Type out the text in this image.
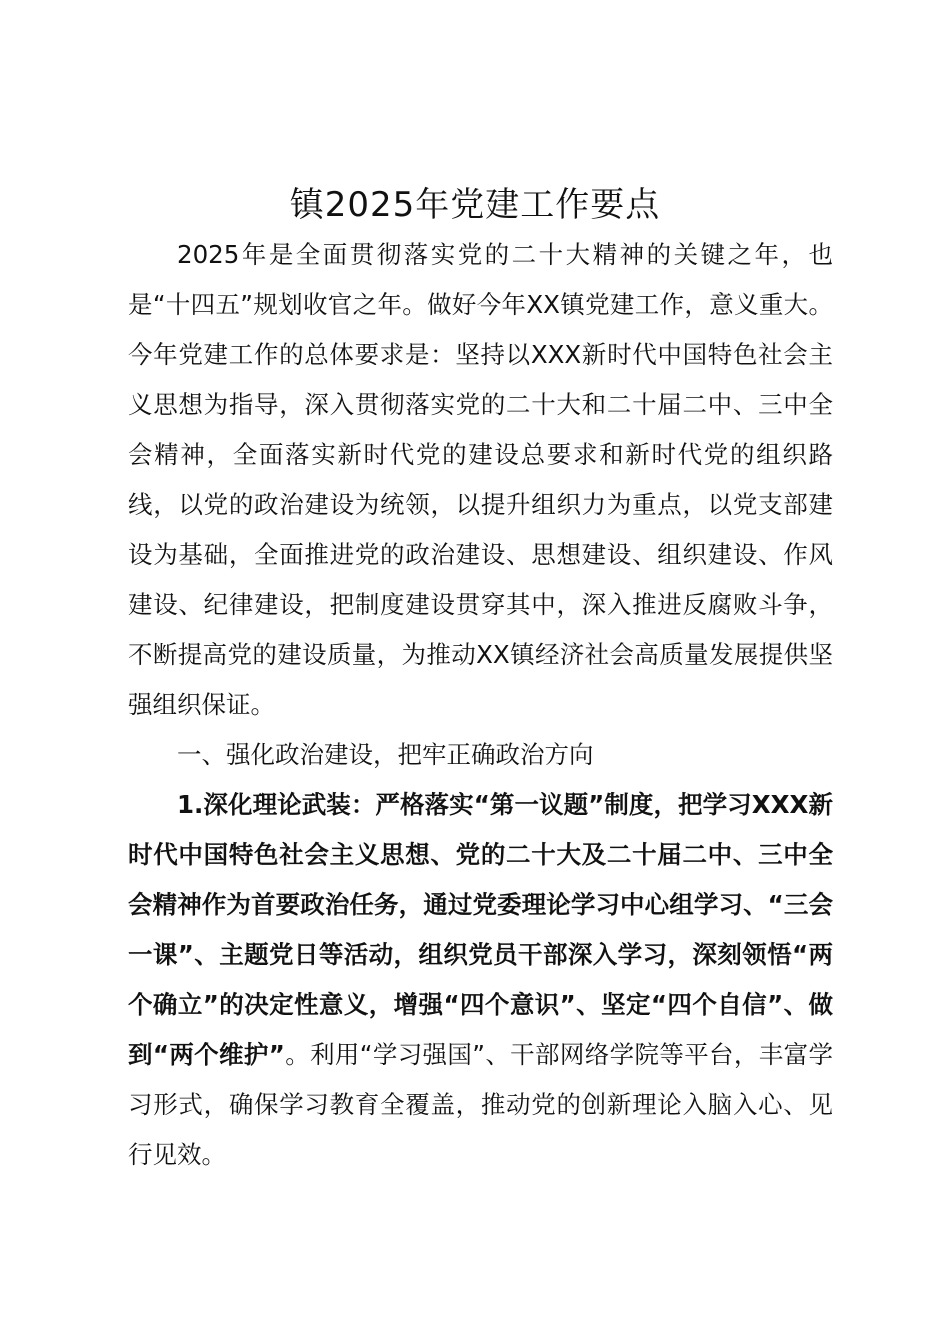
镇2025年党建工作要点

2025年是全面贯彻落实党的二十大精神的关键之年，也是“十四五”规划收官之年。做好今年XX镇党建工作，意义重大。今年党建工作的总体要求是：坚持以XXX新时代中国特色社会主义思想为指导，深入贯彻落实党的二十大和二十届二中、三中全会精神，全面落实新时代党的建设总要求和新时代党的组织路线，以党的政治建设为统领，以提升组织力为重点，以党支部建设为基础，全面推进党的政治建设、思想建设、组织建设、作风建设、纪律建设，把制度建设贯穿其中，深入推进反腐败斗争，不断提高党的建设质量，为推动XX镇经济社会高质量发展提供坚强组织保证。

一、强化政治建设，把牢正确政治方向

1.深化理论武装：严格落实“第一议题”制度，把学习XXX新时代中国特色社会主义思想、党的二十大及二十届二中、三中全会精神作为首要政治任务，通过党委理论学习中心组学习、“三会一课”、主题党日等活动，组织党员干部深入学习，深刻领悟“两个确立”的决定性意义，增强“四个意识”、坚定“四个自信”、做到“两个维护”。利用“学习强国”、干部网络学院等平台，丰富学习形式，确保学习教育全覆盖，推动党的创新理论入脑入心、见行见效。
